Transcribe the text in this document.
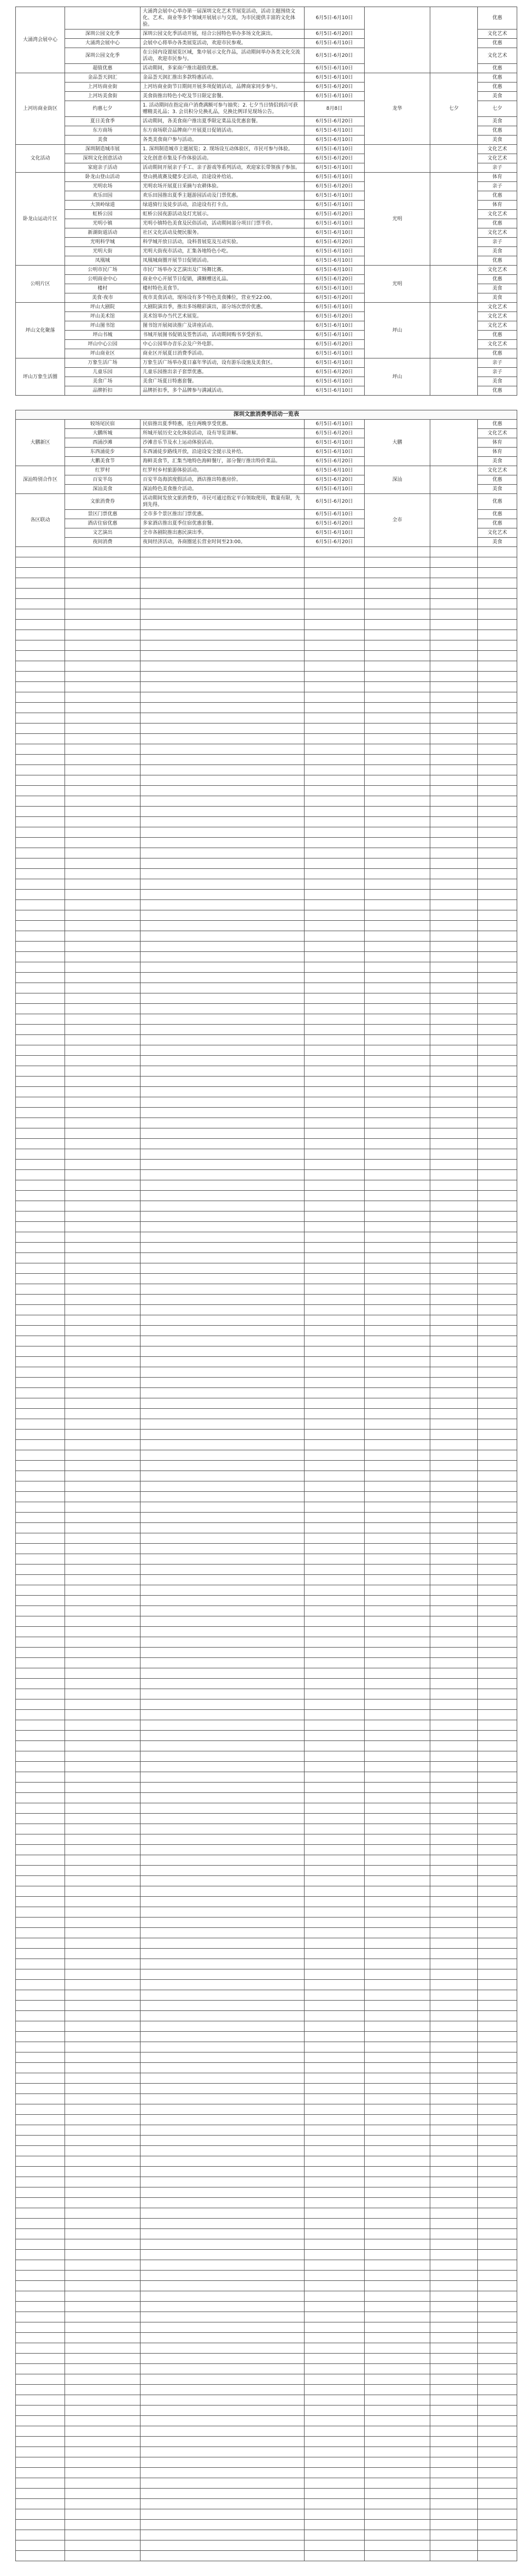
大涌湾会展中心		大涌湾会展中心举办第一届深圳文化艺术节展览活动，活动主题围绕文化、艺术、商业等多个领域开展展示与交流，为市民提供丰富的文化体验。	6月5日-6月10日			优惠
	深圳公园文化季	深圳公园文化季活动开展，结合公园特色举办多场文化演出。	6月5日-6月20日			文化艺术
	大涌湾会展中心	会展中心将举办各类展览活动，欢迎市民参观。	6月5日-6月10日			优惠
	深圳公园文化季	在公园内设置展览区域，集中展示文化作品，活动期间举办各类文化交流活动，欢迎市民参与。	6月5日-6月20日			文化艺术
	超值优惠	活动期间，多家商户推出超值优惠。	6月5日-6月10日			优惠
上河坊商业街区	金品荟天润汇	金品荟天润汇推出多款特惠活动。	6月5日-6月10日	龙华	七夕	优惠
	上河坊商业街	上河坊商业街节日期间开展多项促销活动，品牌商家同步参与。	6月5日-6月20日			优惠
	上河坊美食街	美食街推出特色小吃及节日限定套餐。	6月5日-6月10日			美食
	约惠七夕	1. 活动期间在指定商户消费满额可参与抽奖；2. 七夕当日情侣到店可获赠精美礼品；3. 会员积分兑换礼品，兑换比例详见现场公告。	8月8日			七夕
	夏日美食季	活动期间，各美食商户推出夏季限定菜品及优惠套餐。	6月5日-6月20日			美食
	东方商场	东方商场联合品牌商户开展夏日促销活动。	6月5日-6月10日			优惠
	美食	各类美食商户参与活动。	6月5日-6月10日			美食
文化活动	深圳制造城市展	1. 深圳制造城市主题展览；2. 现场设互动体验区，市民可参与体验。	6月5日-6月10日			文化艺术
	深圳文化创意活动	文化创意市集及手作体验活动。	6月5日-6月20日			文化艺术
	家庭亲子活动	活动期间开展亲子手工、亲子游戏等系列活动，欢迎家长带领孩子参加。	6月5日-6月10日			亲子
卧龙山运动片区	卧龙山登山活动	登山挑战赛及健步走活动，沿途设补给站。	6月5日-6月10日	光明		体育
	光明农场	光明农场开展夏日采摘与农耕体验。	6月5日-6月20日			亲子
	欢乐田园	欢乐田园推出夏季主题游园活动及门票优惠。	6月5日-6月10日			优惠
	大顶岭绿道	绿道骑行及徒步活动，沿途设有打卡点。	6月5日-6月10日			体育
	虹桥公园	虹桥公园夜游活动及灯光展示。	6月5日-6月20日			文化艺术
	光明小镇	光明小镇特色美食及民俗活动，活动期间部分项目门票半价。	6月5日-6月10日			优惠
	新湖街道活动	社区文化活动及便民服务。	6月5日-6月10日			文化艺术
	光明科学城	科学城开放日活动，设科普展览及互动实验。	6月5日-6月20日			亲子
	光明大街	光明大街夜市活动，汇集各地特色小吃。	6月5日-6月10日			美食
	凤凰城	凤凰城商圈开展节日促销活动。	6月5日-6月10日			优惠
公明片区	公明市民广场	市民广场举办文艺演出及广场舞比赛。	6月5日-6月10日	光明		文化艺术
	公明商业中心	商业中心开展节日促销，满额赠送礼品。	6月5日-6月20日			优惠
	楼村	楼村特色美食节。	6月5日-6月10日			美食
	美食·夜市	夜市美食活动，现场设有多个特色美食摊位，营业至22:00。	6月5日-6月20日			美食
坪山文化聚落	坪山大剧院	大剧院演出季，推出多场精彩演出，部分场次票价优惠。	6月5日-6月10日	坪山		文化艺术
	坪山美术馆	美术馆举办当代艺术展览。	6月5日-6月20日			文化艺术
	坪山图书馆	图书馆开展阅读推广及讲座活动。	6月5日-6月10日			文化艺术
	坪山书城	书城开展图书促销及签售活动，活动期间购书享受折扣。	6月5日-6月10日			优惠
	坪山中心公园	中心公园举办音乐会及户外电影。	6月5日-6月20日			文化艺术
	坪山商业区	商业区开展夏日消费季活动。	6月5日-6月10日			优惠
坪山万象生活圈	万象生活广场	万象生活广场举办夏日嘉年华活动，设有游乐设施及美食区。	6月5日-6月10日	坪山		亲子
	儿童乐园	儿童乐园推出亲子套票优惠。	6月5日-6月20日			亲子
	美食广场	美食广场夏日特惠套餐。	6月5日-6月10日			美食
	品牌折扣	品牌折扣季，多个品牌参与满减活动。	6月5日-6月10日			优惠
深圳文旅消费季活动一览表						
大鹏新区	较场尾民宿	民宿推出夏季特惠，连住两晚享受优惠。	6月5日-6月10日	大鹏		优惠
	大鹏所城	所城开展历史文化体验活动，设有导览讲解。	6月5日-6月20日			文化艺术
	西涌沙滩	沙滩音乐节及水上运动体验活动。	6月5日-6月10日			体育
	东西涌徒步	东西涌徒步路线开放，沿途设安全提示及补给。	6月5日-6月10日			体育
	大鹏美食节	海鲜美食节，汇集当地特色海鲜餐厅，部分餐厅推出特价菜品。	6月5日-6月20日			美食
深汕特别合作区	红罗村	红罗村乡村旅游体验活动。	6月5日-6月10日	深汕		文化艺术
	百安半岛	百安半岛海滨度假活动，酒店推出特惠房价。	6月5日-6月20日			优惠
	深汕美食	深汕特色美食推介活动。	6月5日-6月10日			美食
各区联动	文旅消费券	活动期间发放文旅消费券，市民可通过指定平台领取使用，数量有限，先到先得。	6月5日-6月20日	全市		优惠
	景区门票优惠	全市多个景区推出门票优惠。	6月5日-6月10日			优惠
	酒店住宿优惠	多家酒店推出夏季住宿优惠套餐。	6月5日-6月20日			优惠
	文艺演出	全市各剧院推出惠民演出季。	6月5日-6月10日			文化艺术
	夜间消费	夜间经济活动，各商圈延长营业时间至23:00。	6月5日-6月20日			美食
